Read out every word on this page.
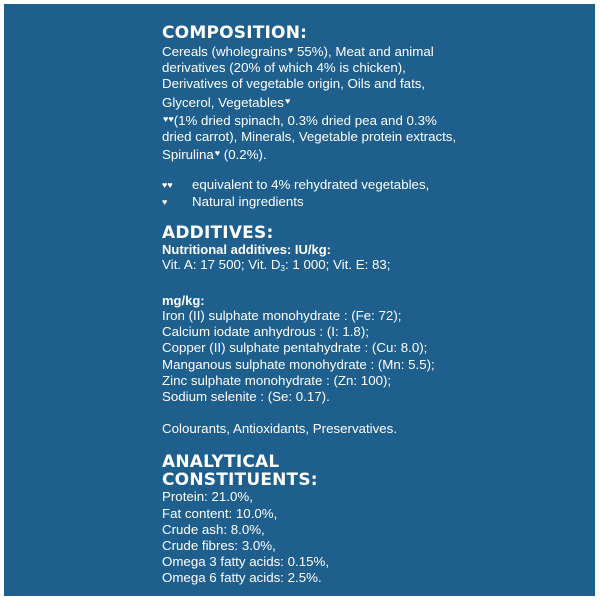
COMPOSITION:

Cereals (wholegrains♥ 55%), Meat and animal derivatives (20% of which 4% is chicken), Derivatives of vegetable origin, Oils and fats, Glycerol, Vegetables♥
♥♥(1% dried spinach, 0.3% dried pea and 0.3% dried carrot), Minerals, Vegetable protein extracts, Spirulina♥ (0.2%).

♥♥	equivalent to 4% rehydrated vegetables,
♥	Natural ingredients
ADDITIVES:

Nutritional additives: IU/kg:

Vit. A: 17 500; Vit. $D_3$: 1 000; Vit. E: 83;

mg/kg:

Iron (II) sulphate monohydrate : (Fe: 72);

Calcium iodate anhydrous : (I: 1.8);

Copper (II) sulphate pentahydrate : (Cu: 8.0);

Manganous sulphate monohydrate : (Mn: 5.5);

Zinc sulphate monohydrate : (Zn: 100);

Sodium selenite : (Se: 0.17).

Colourants, Antioxidants, Preservatives.

ANALYTICAL
CONSTITUENTS:

Protein: 21.0%,

Fat content: 10.0%,

Crude ash: 8.0%,

Crude fibres: 3.0%,

Omega 3 fatty acids: 0.15%,

Omega 6 fatty acids: 2.5%.
